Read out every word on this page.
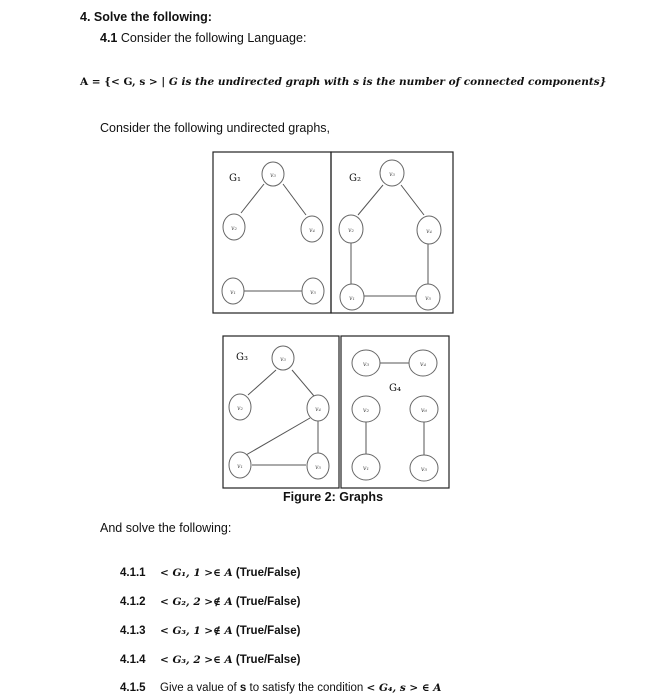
4. Solve the following:
4.1 Consider the following Language:
A = {< G, s > | G is the undirected graph with s is the number of connected components}
Consider the following undirected graphs,
G₁	G₂
G₃
G₄
v₃
v₂	v₄
v₁	v₅
v₃
v₂	v₄
v₁	v₅
v₃
v₂	v₄
v₁	v₅
v₃	v₄
v₂	v₆
v₁	v₅
Figure 2: Graphs
And solve the following:
4.1.1 < G₁, 1 >∈ A (True/False)
4.1.2 < G₂, 2 >∉ A (True/False)
4.1.3 < G₃, 1 >∉ A (True/False)
4.1.4 < G₃, 2 >∈ A (True/False)
4.1.5 Give a value of s to satisfy the condition < G₄, s > ∈ A
